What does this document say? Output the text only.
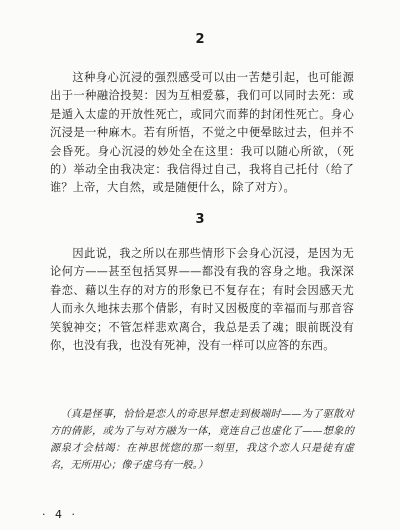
2

这种身心沉浸的强烈感受可以由一苦楚引起，也可能源出于一种融洽投契：因为互相爱慕，我们可以同时去死：或是遁入太虚的开放性死亡，或同穴而葬的封闭性死亡。身心沉浸是一种麻木。若有所悟，不觉之中便晕眩过去，但并不会昏死。身心沉浸的妙处全在这里：我可以随心所欲，（死的）举动全由我决定：我信得过自己，我将自己托付（给了谁？上帝，大自然，或是随便什么，除了对方）。

3

因此说，我之所以在那些情形下会身心沉浸，是因为无论何方——甚至包括冥界——都没有我的容身之地。我深深眷恋、藉以生存的对方的形象已不复存在；有时会因感天尤人而永久地抹去那个倩影，有时又因极度的幸福而与那音容笑貌神交；不管怎样悲欢离合，我总是丢了魂；眼前既没有你，也没有我，也没有死神，没有一样可以应答的东西。

（真是怪事，恰恰是恋人的奇思异想走到极端时——为了驱散对方的倩影，或为了与对方融为一体，竟连自己也虚化了——想象的源泉才会枯竭：在神思恍惚的那一刻里，我这个恋人只是徒有虚名，无所用心；像子虚乌有一般。）

· 4 ·
